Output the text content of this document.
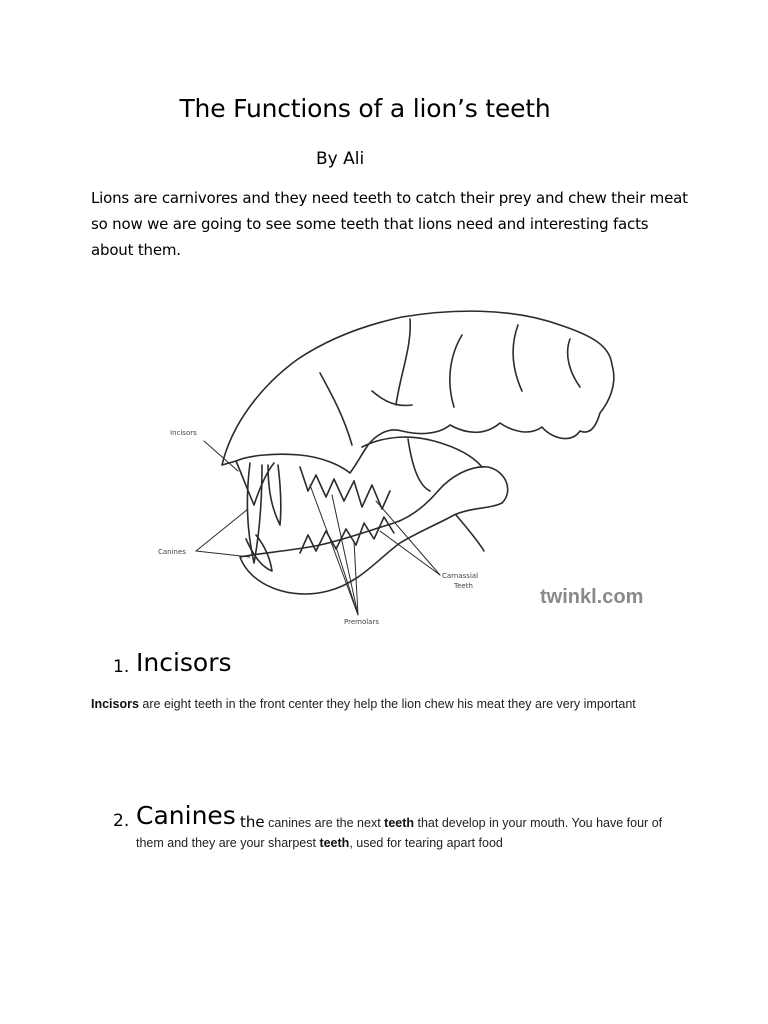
The Functions of a lion’s teeth
By Ali

Lions are carnivores and they need teeth to catch their prey and chew their meat so now we are going to see some teeth that lions need and interesting facts about them.

Incisors
Canines
Carnassial
Teeth
Premolars
twinkl.com
1. Incisors

Incisors are eight teeth in the front center they help the lion chew his meat they are very important

2. Canines the canines are the next teeth that develop in your mouth. You have four of them and they are your sharpest teeth, used for tearing apart food
